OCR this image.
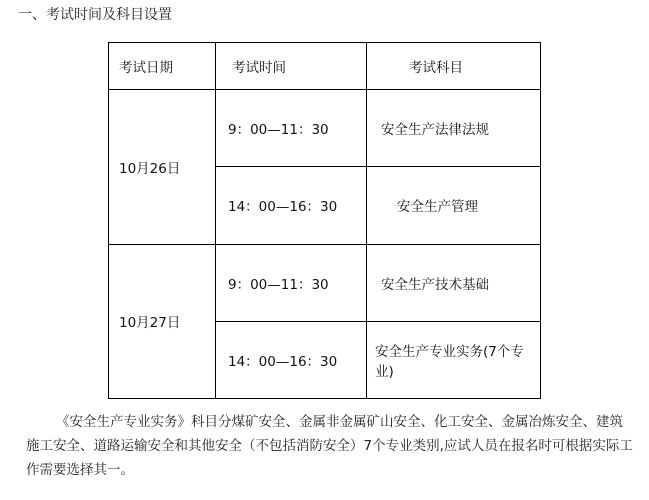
一、考试时间及科目设置
考试日期	考试时间	考试科目
10月26日	9：00—11：30	安全生产法律法规
	14：00—16：30	安全生产管理
10月27日	9：00—11：30	安全生产技术基础
	14：00—16：30	安全生产专业实务(7个专业)
《安全生产专业实务》科目分煤矿安全、金属非金属矿山安全、化工安全、金属冶炼安全、建筑施工安全、道路运输安全和其他安全（不包括消防安全）7个专业类别,应试人员在报名时可根据实际工作需要选择其一。
